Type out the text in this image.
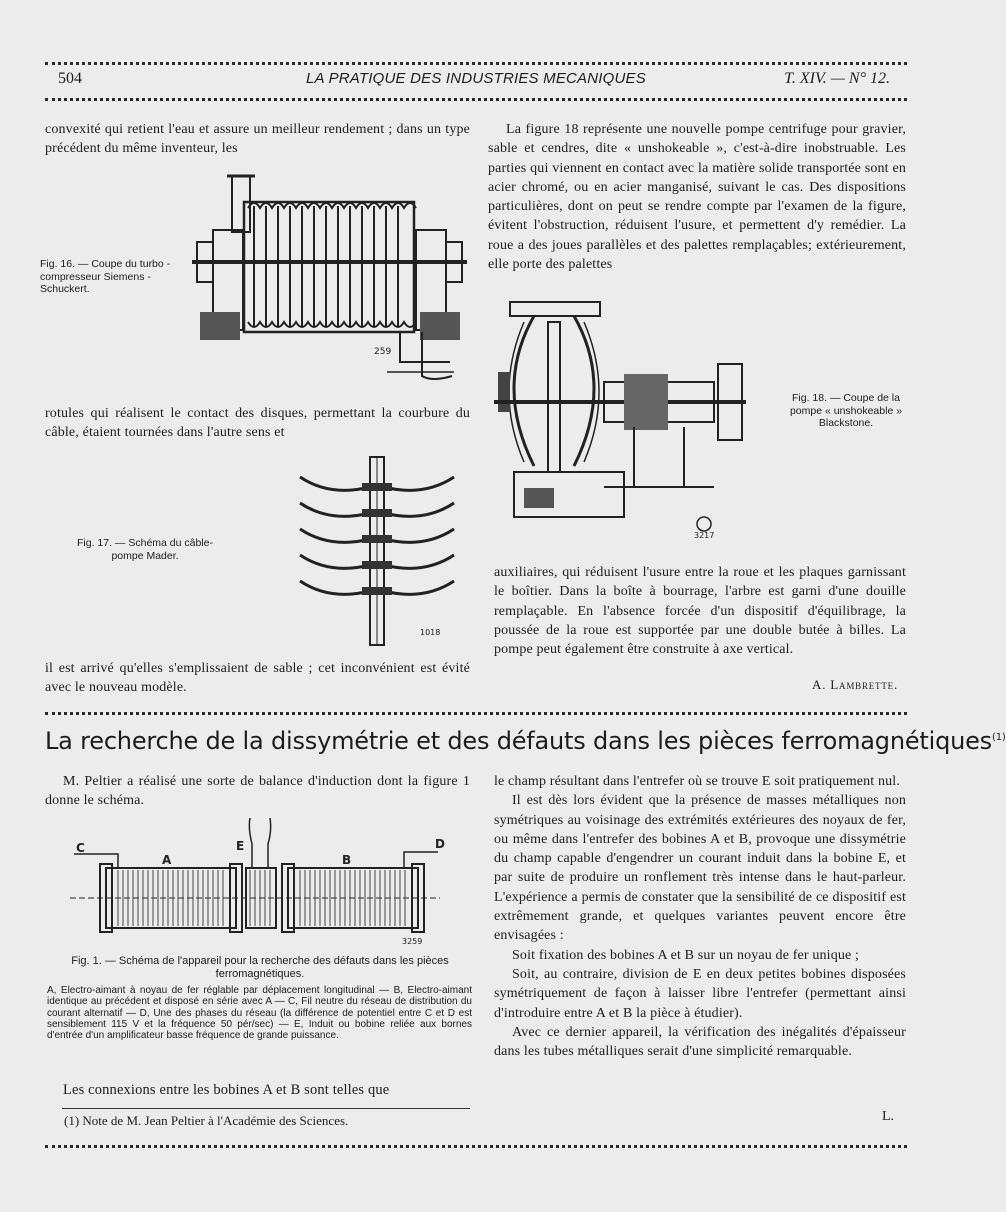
504	LA PRATIQUE DES INDUSTRIES MECANIQUES	T. XIV. — N° 12.

convexité qui retient l'eau et assure un meilleur rendement ; dans un type précédent du même inventeur, les

Fig. 16. — Coupe du turbo - compresseur Siemens - Schuckert.
259

rotules qui réalisent le contact des disques, permettant la courbure du câble, étaient tournées dans l'autre sens et

Fig. 17. — Schéma du câble-pompe Mader.
1018

il est arrivé qu'elles s'emplissaient de sable ; cet inconvénient est évité avec le nouveau modèle.

La figure 18 représente une nouvelle pompe centrifuge pour gravier, sable et cendres, dite « unshokeable », c'est-à-dire inobstruable. Les parties qui viennent en contact avec la matière solide transportée sont en acier chromé, ou en acier manganisé, suivant le cas. Des dispositions particulières, dont on peut se rendre compte par l'examen de la figure, évitent l'obstruction, réduisent l'usure, et permettent d'y remédier. La roue a des joues parallèles et des palettes remplaçables; extérieurement, elle porte des palettes

3217
Fig. 18. — Coupe de la pompe « unshokeable » Blackstone.

auxiliaires, qui réduisent l'usure entre la roue et les plaques garnissant le boîtier. Dans la boîte à bourrage, l'arbre est garni d'une douille remplaçable. En l'absence forcée d'un dispositif d'équilibrage, la poussée de la roue est supportée par une double butée à billes. La pompe peut également être construite à axe vertical.

A. Lambrette.
La recherche de la dissymétrie et des défauts dans les pièces ferromagnétiques$^{(1)}$

M. Peltier a réalisé une sorte de balance d'induction dont la figure 1 donne le schéma.

C
A
E
B
D
3259
Fig. 1. — Schéma de l'appareil pour la recherche des défauts dans les pièces ferromagnétiques.
A, Electro-aimant à noyau de fer réglable par déplacement longitudinal — B, Electro-aimant identique au précédent et disposé en série avec A — C, Fil neutre du réseau de distribution du courant alternatif — D, Une des phases du réseau (la différence de potentiel entre C et D est sensiblement 115 V et la fréquence 50 pér/sec) — E, Induit ou bobine reliée aux bornes d'entrée d'un amplificateur basse fréquence de grande puissance.

Les connexions entre les bobines A et B sont telles que

(1) Note de M. Jean Peltier à l'Académie des Sciences.

le champ résultant dans l'entrefer où se trouve E soit pratiquement nul.

Il est dès lors évident que la présence de masses métalliques non symétriques au voisinage des extrémités extérieures des noyaux de fer, ou même dans l'entrefer des bobines A et B, provoque une dissymétrie du champ capable d'engendrer un courant induit dans la bobine E, et par suite de produire un ronflement très intense dans le haut-parleur. L'expérience a permis de constater que la sensibilité de ce dispositif est extrêmement grande, et quelques variantes peuvent encore être envisagées :

Soit fixation des bobines A et B sur un noyau de fer unique ;

Soit, au contraire, division de E en deux petites bobines disposées symétriquement de façon à laisser libre l'entrefer (permettant ainsi d'introduire entre A et B la pièce à étudier).

Avec ce dernier appareil, la vérification des inégalités d'épaisseur dans les tubes métalliques serait d'une simplicité remarquable.

L.
